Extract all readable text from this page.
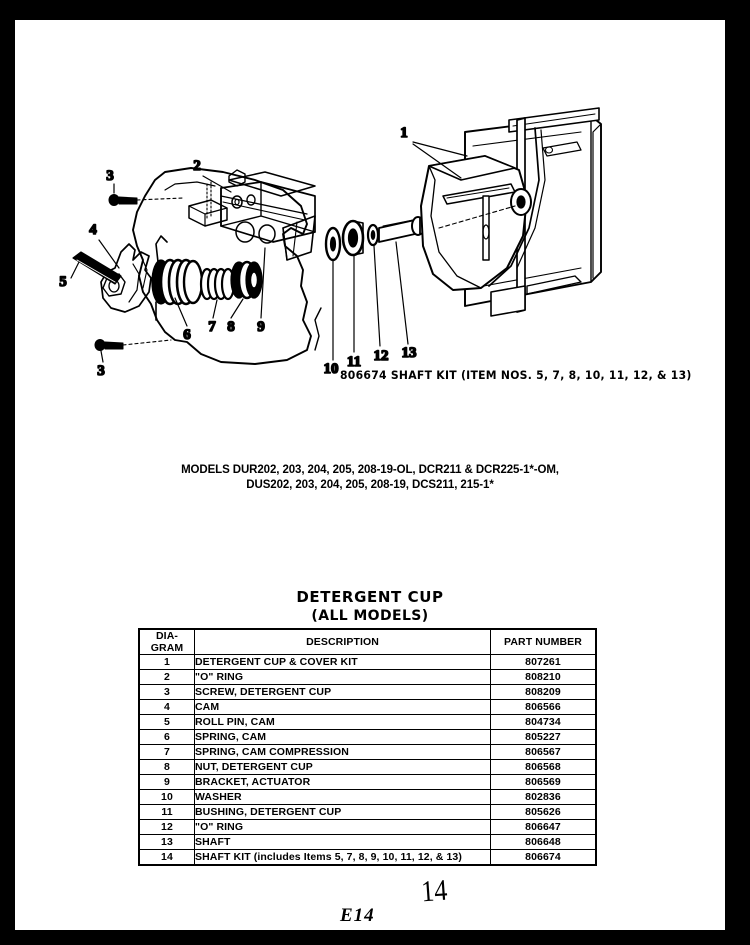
1
2
3
4
5
3
6 7 8 9
10 11 12 13
806674 SHAFT KIT (ITEM NOS. 5, 7, 8, 10, 11, 12, & 13)
MODELS DUR202, 203, 204, 205, 208-19-OL, DCR211 & DCR225-1*-OM,
DUS202, 203, 204, 205, 208-19, DCS211, 215-1*
DETERGENT CUP
(ALL MODELS)
DIA-
GRAM	DESCRIPTION	PART NUMBER
1	DETERGENT CUP & COVER KIT	807261
2	"O" RING	808210
3	SCREW, DETERGENT CUP	808209
4	CAM	806566
5	ROLL PIN, CAM	804734
6	SPRING, CAM	805227
7	SPRING, CAM COMPRESSION	806567
8	NUT, DETERGENT CUP	806568
9	BRACKET, ACTUATOR	806569
10	WASHER	802836
11	BUSHING, DETERGENT CUP	805626
12	"O" RING	806647
13	SHAFT	806648
14	SHAFT KIT (includes Items 5, 7, 8, 9, 10, 11, 12, & 13)	806674
E14
14
